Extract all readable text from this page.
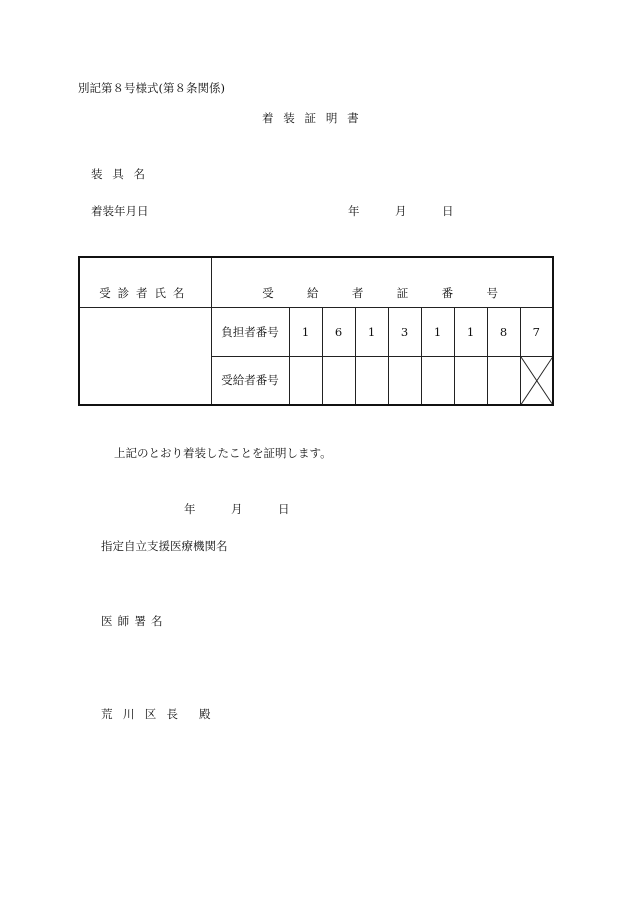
別記第８号様式(第８条関係)
着装証明書
装具名
着装年月日	年	月	日
受診者氏名	受給者証番号								
	負担者番号	1	6	1	3	1	1	8	7
	受給者番号								
上記のとおり着装したことを証明します。
年	月	日
指定自立支援医療機関名
医師署名
荒川区長 殿
